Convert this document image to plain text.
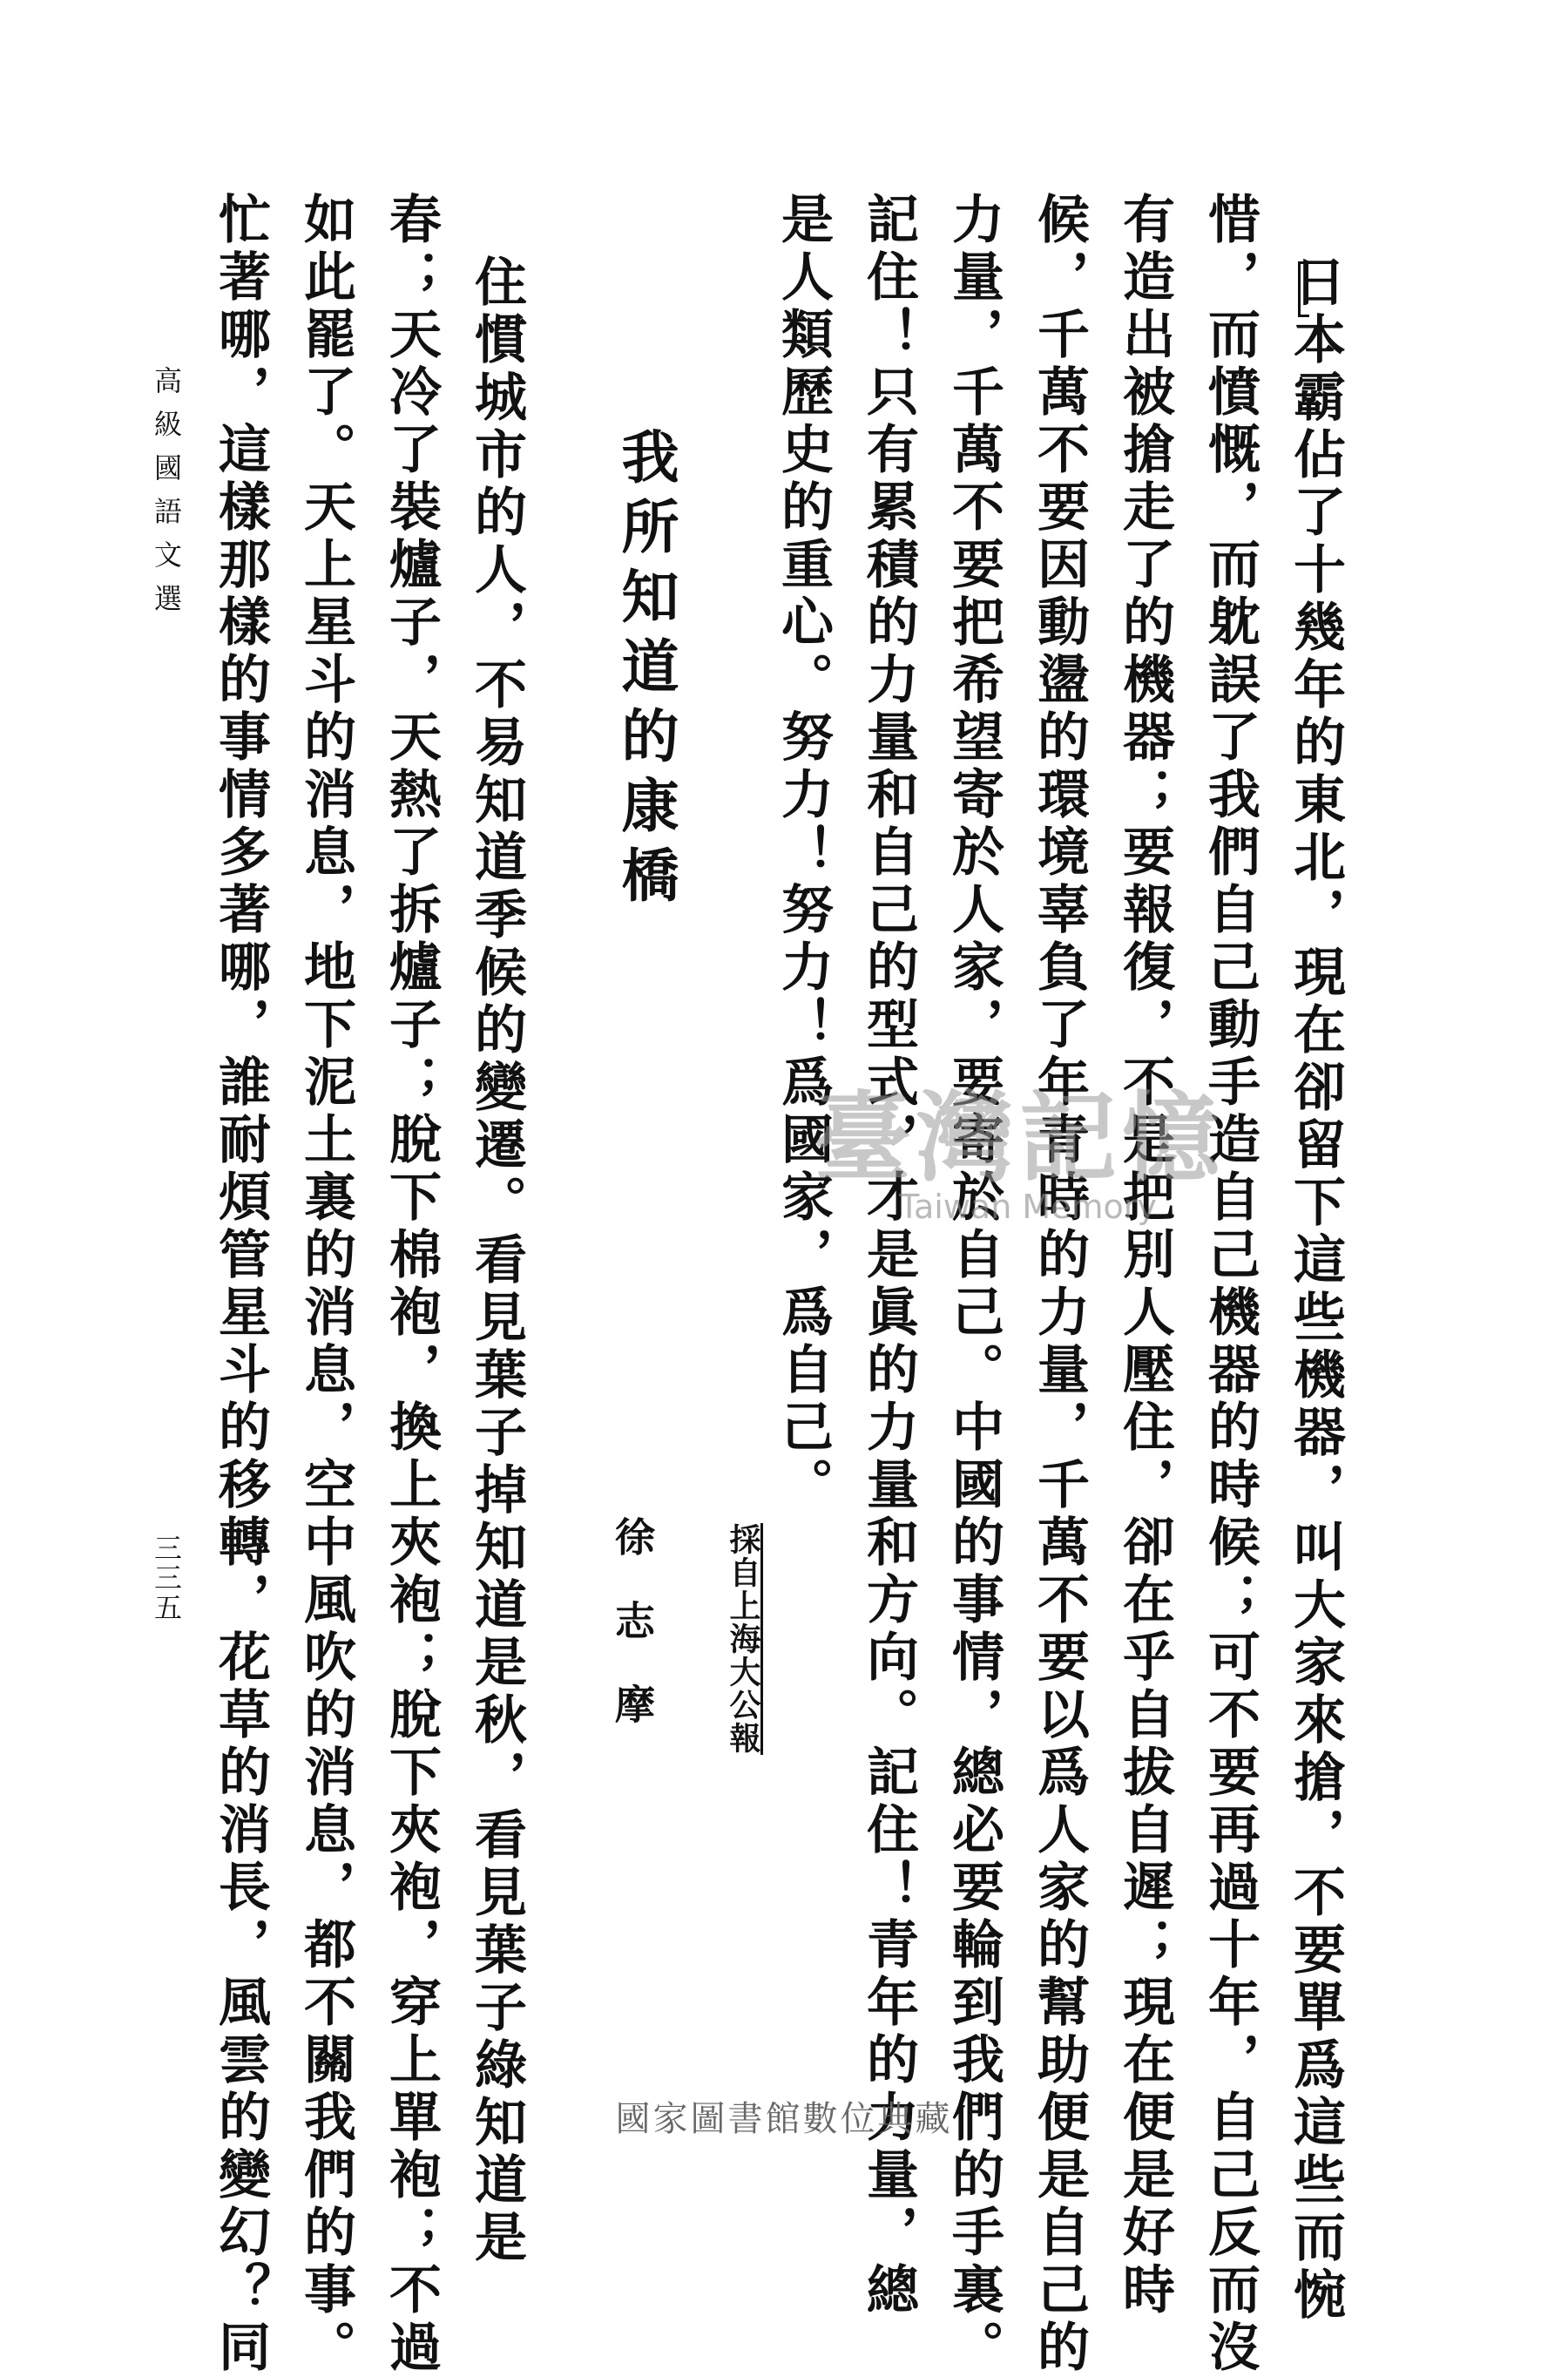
日本霸佔了十幾年的東北，現在卻留下這些機器，叫大家來搶，不要單爲這些而惋
惜，而憤慨，而躭誤了我們自己動手造自己機器的時候；可不要再過十年，自己反而沒
有造出被搶走了的機器；要報復，不是把別人壓住，卻在乎自拔自遲；現在便是好時
候，千萬不要因動盪的環境辜負了年青時的力量，千萬不要以爲人家的幫助便是自己的
力量，千萬不要把希望寄於人家，要寄於自己。中國的事情，總必要輪到我們的手裏。
記住！只有累積的力量和自己的型式，才是眞的力量和方向。記住！青年的力量，總
是人類歷史的重心。努力！努力！爲國家，爲自己。
採自上海大公報
我所知道的康橋
徐志摩
住慣城市的人，不易知道季候的變遷。看見葉子掉知道是秋，看見葉子綠知道是
春；天冷了裝爐子，天熱了拆爐子；脫下棉袍，換上夾袍；脫下夾袍，穿上單袍；不過
如此罷了。天上星斗的消息，地下泥土裏的消息，空中風吹的消息，都不關我們的事。
忙著哪，這樣那樣的事情多著哪，誰耐煩管星斗的移轉，花草的消長，風雲的變幻？同
高級國語文選
三三五
臺灣記憶
Taiwan Memory
國家圖書館數位典藏
